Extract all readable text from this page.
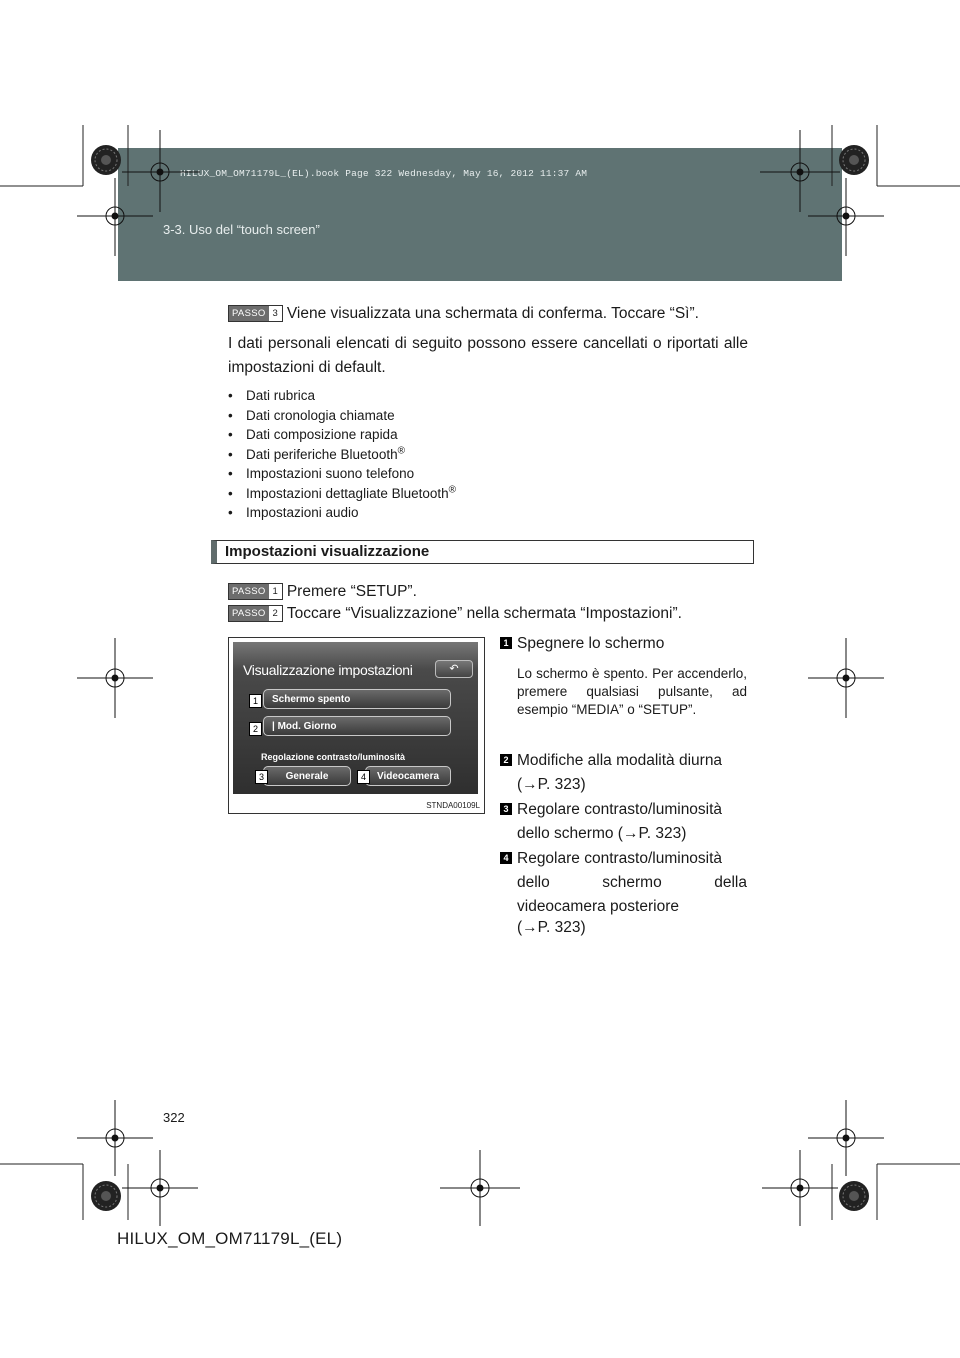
HILUX_OM_OM71179L_(EL).book Page 322 Wednesday, May 16, 2012 11:37 AM
3-3. Uso del “touch screen”
PASSO 3 Viene visualizzata una schermata di conferma. Toccare “Sì”.
I dati personali elencati di seguito possono essere cancellati o riportati alle impostazioni di default.
• Dati rubrica
• Dati cronologia chiamate
• Dati composizione rapida
• Dati periferiche Bluetooth®
• Impostazioni suono telefono
• Impostazioni dettagliate Bluetooth®
• Impostazioni audio
Impostazioni visualizzazione
PASSO 1 Premere “SETUP”.
PASSO 2 Toccare “Visualizzazione” nella schermata “Impostazioni”.
Visualizzazione impostazioni	↶
Schermo spento
| Mod. Giorno
Regolazione contrasto/luminosità
Generale	Videocamera
1
2
3	4
STNDA00109L
1 Spegnere lo schermo
Lo schermo è spento. Per accenderlo, premere qualsiasi pulsante, ad esempio “MEDIA” o “SETUP”.
2 Modifiche alla modalità diurna
(→P. 323)
3 Regolare contrasto/luminosità
dello schermo (→P. 323)
4 Regolare contrasto/luminosità
dello schermo della
videocamera posteriore
(→P. 323)
322
HILUX_OM_OM71179L_(EL)
